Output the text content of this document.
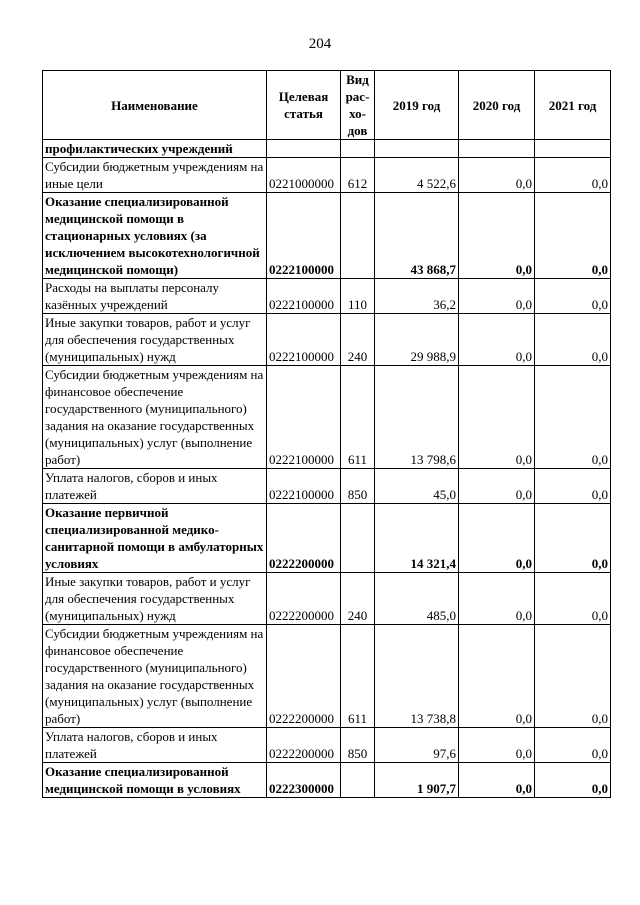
204
Наименование	Целевая статья	Вид рас-хо-дов	2019 год	2020 год	2021 год
профилактических учреждений					
Субсидии бюджетным учреждениям на иные цели	0221000000	612	4 522,6	0,0	0,0
Оказание специализированной медицинской помощи в стационарных условиях (за исключением высокотехнологичной медицинской помощи)	0222100000		43 868,7	0,0	0,0
Расходы на выплаты персоналу казённых учреждений	0222100000	110	36,2	0,0	0,0
Иные закупки товаров, работ и услуг для обеспечения государственных (муниципальных) нужд	0222100000	240	29 988,9	0,0	0,0
Субсидии бюджетным учреждениям на финансовое обеспечение государственного (муниципального) задания на оказание государственных (муниципальных) услуг (выполнение работ)	0222100000	611	13 798,6	0,0	0,0
Уплата налогов, сборов и иных платежей	0222100000	850	45,0	0,0	0,0
Оказание первичной специализированной медико-санитарной помощи в амбулаторных условиях	0222200000		14 321,4	0,0	0,0
Иные закупки товаров, работ и услуг для обеспечения государственных (муниципальных) нужд	0222200000	240	485,0	0,0	0,0
Субсидии бюджетным учреждениям на финансовое обеспечение государственного (муниципального) задания на оказание государственных (муниципальных) услуг (выполнение работ)	0222200000	611	13 738,8	0,0	0,0
Уплата налогов, сборов и иных платежей	0222200000	850	97,6	0,0	0,0
Оказание специализированной медицинской помощи в условиях	0222300000		1 907,7	0,0	0,0
